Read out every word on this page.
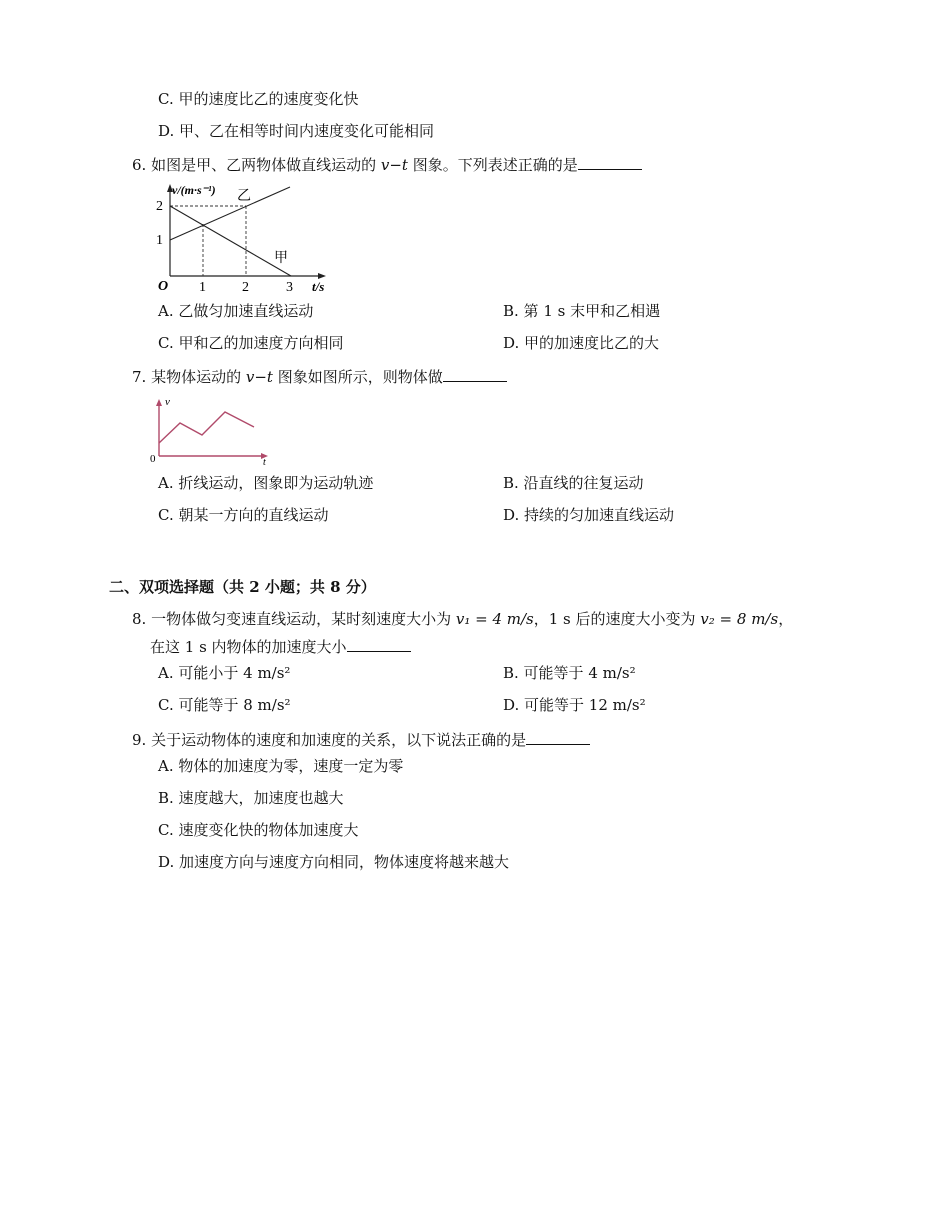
C. 甲的速度比乙的速度变化快
D. 甲、乙在相等时间内速度变化可能相同
6. 如图是甲、乙两物体做直线运动的 v−t 图象。下列表述正确的是
v/(m·s⁻¹) 乙
甲
2
1
O 1	2	3 t/s
A. 乙做匀加速直线运动	B. 第 1 s 末甲和乙相遇
C. 甲和乙的加速度方向相同	D. 甲的加速度比乙的大
7. 某物体运动的 v−t 图象如图所示，则物体做
v
0	t
A. 折线运动，图象即为运动轨迹	B. 沿直线的往复运动
C. 朝某一方向的直线运动	D. 持续的匀加速直线运动
二、双项选择题（共 2 小题；共 8 分）
8. 一物体做匀变速直线运动，某时刻速度大小为 v₁ = 4 m/s，1 s 后的速度大小变为 v₂ = 8 m/s，
在这 1 s 内物体的加速度大小
A. 可能小于 4 m/s²	B. 可能等于 4 m/s²
C. 可能等于 8 m/s²	D. 可能等于 12 m/s²
9. 关于运动物体的速度和加速度的关系，以下说法正确的是
A. 物体的加速度为零，速度一定为零
B. 速度越大，加速度也越大
C. 速度变化快的物体加速度大
D. 加速度方向与速度方向相同，物体速度将越来越大
